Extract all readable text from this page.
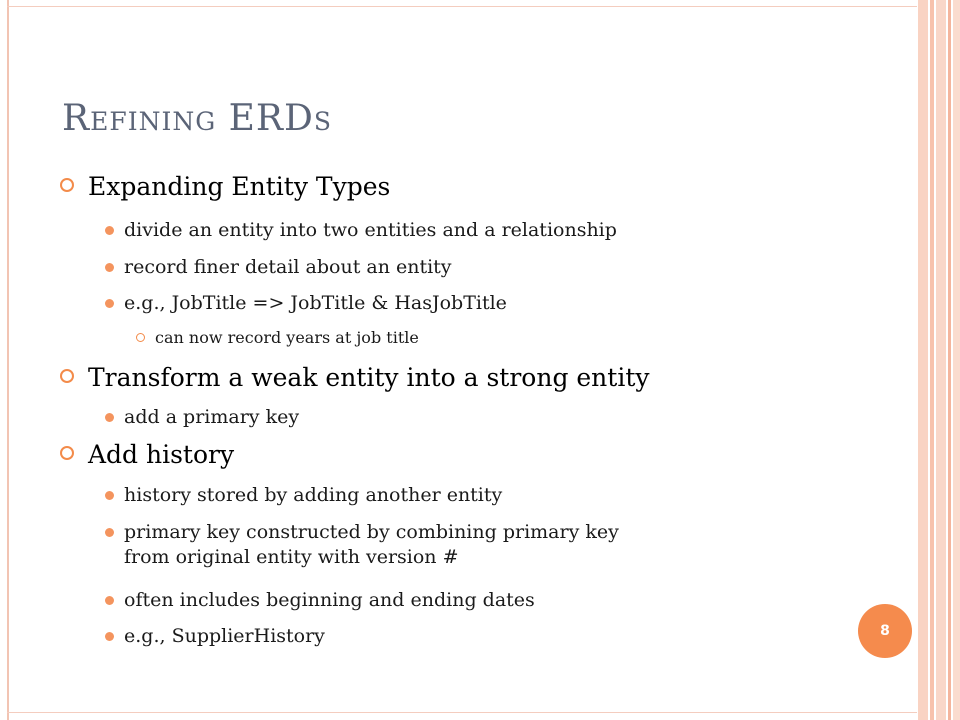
Refining ERDs
Expanding Entity Types
divide an entity into two entities and a relationship
record finer detail about an entity
e.g., JobTitle => JobTitle & HasJobTitle
can now record years at job title
Transform a weak entity into a strong entity
add a primary key
Add history
history stored by adding another entity
primary key constructed by combining primary key
from original entity with version #
often includes beginning and ending dates
e.g., SupplierHistory	8
